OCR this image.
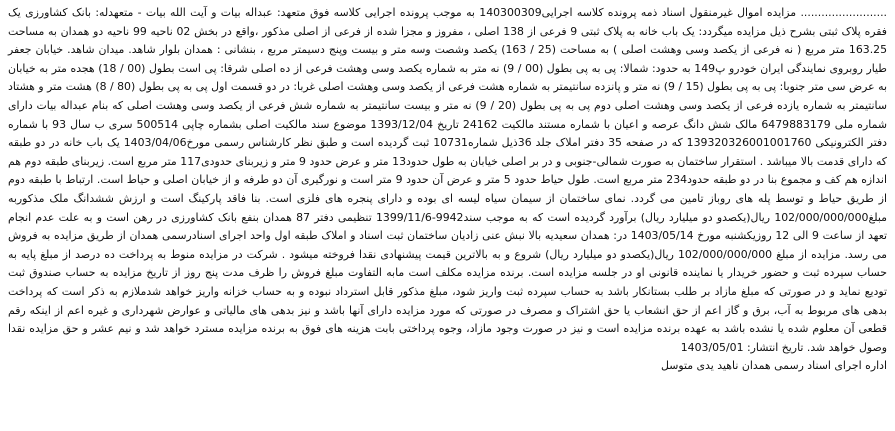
......................... مزایده اموال غیرمنقول اسناد ذمه پرونده کلاسه اجرایی140300309 به موجب پرونده اجرایی کلاسه فوق متعهد: عبداله بیات و آیت الله بیات - متعهدله: بانک کشاورزی یک فقره پلاک ثبتی بشرح ذیل مزایده میگردد: یک باب خانه به پلاک ثبتی 9 فرعی از 138 اصلی ، مفروز و مجزا شده از فرعی از اصلی مذکور ،واقع در بخش 02 ناحیه 99 ناحیه دو همدان به مساحت 163.25 متر مربع ( نه فرعی از یکصد وسی وهشت اصلی ) به مساحت (25 / 163) یکصد وشصت وسه متر و بیست وپنج دسیمتر مربع ، بنشانی : همدان بلوار شاهد. میدان شاهد. خیابان جعفر طیار روبروی نمایندگی ایران خودرو پ149 به حدود: شمالا: پی به پی بطول (00 / 9) نه متر به شماره یکصد وسی وهشت فرعی از ده اصلی شرقا: پی است بطول (00 / 18) هجده متر به خیابان به عرض سی متر جنوبا: پی به پی بطول (15 / 9) نه متر و پانزده سانتیمتر به شماره هشت فرعی از یکصد وسی وهشت اصلی غربا: در دو قسمت اول پی به پی بطول (80 / 8) هشت متر و هشتاد سانتیمتر به شماره یازده فرعی از یکصد وسی وهشت اصلی دوم پی به پی بطول (20 / 9) نه متر و بیست سانتیمتر به شماره شش فرعی از یکصد وسی وهشت اصلی که بنام عبداله بیات دارای شماره ملی 6479883179 مالک شش دانگ عرصه و اعیان با شماره مستند مالکیت 24162 تاریخ 1393/12/04 موضوع سند مالکیت اصلی بشماره چاپی 500514 سری ب سال 93 با شماره دفتر الکترونیکی 139320326001001760 که در صفحه 35 دفتر املاک جلد 36ذیل شماره10731 ثبت گردیده است و طبق نظر کارشناس رسمی مورخ1403/04/06 یک باب خانه در دو طبقه که دارای قدمت بالا میباشد . استقرار ساختمان به صورت شمالی-جنوبی و در بر اصلی خیابان به طول حدود13 متر و عرض حدود 9 متر و زیربنای حدودی117 متر مربع است. زیربنای طبقه دوم هم اندازه هم کف و مجموع بنا در دو طبقه حدود234 متر مربع است. طول حیاط حدود 5 متر و عرض آن حدود 9 متر است و نورگیری آن دو طرفه و از خیابان اصلی و حیاط است. ارتباط با طبقه دوم از طریق حیاط و توسط پله های روباز تامین می گردد. نمای ساختمان از سیمان سیاه لیسه ای بوده و دارای پنجره های فلزی است. بنا فاقد پارکینگ است و ارزش ششدانگ ملک مذکوربه مبلغ102/000/000/000 ریال(یکصدو دو میلیارد ریال) برآورد گردیده است که به موجب سند9942-1399/11/6 تنظیمی دفتر 87 همدان بنفع بانک کشاورزی در رهن است و به علت عدم انجام تعهد از ساعت 9 الی 12 روزیکشنبه مورخ 1403/05/14 در: همدان سعیدیه بالا نبش عنی زادیان ساختمان ثبت اسناد و املاک طبقه اول واحد اجرای اسنادرسمی همدان از طریق مزایده به فروش می رسد. مزایده از مبلغ 102/000/000/000 ریال(یکصدو دو میلیارد ریال) شروع و به بالاترین قیمت پیشنهادی نقدا فروخته میشود . شرکت در مزایده منوط به پرداخت ده درصد از مبلغ پایه به حساب سپرده ثبت و حضور خریدار یا نماینده قانونی او در جلسه مزایده است. برنده مزایده مکلف است مابه التفاوت مبلغ فروش را ظرف مدت پنج روز از تاریخ مزایده به حساب صندوق ثبت تودیع نماید و در صورتی که مبلغ مازاد بر طلب بستانکار باشد به حساب سپرده ثبت واریز شود، مبلغ مذکور قابل استرداد نبوده و به حساب خزانه واریز خواهد شدملازم به ذکر است که پرداخت بدهی های مربوط به آب، برق و گاز اعم از حق انشعاب یا حق اشتراک و مصرف در صورتی که مورد مزایده دارای آنها باشد و نیز بدهی های مالیاتی و عوارض شهرداری و غیره اعم از اینکه رقم قطعی آن معلوم شده یا نشده باشد به عهده برنده مزایده است و نیز در صورت وجود مازاد، وجوه پرداختی بابت هزینه های فوق به برنده مزایده مسترد خواهد شد و نیم عشر و حق مزایده نقدا وصول خواهد شد. تاریخ انتشار: 1403/05/01

اداره اجرای اسناد رسمی همدان ناهید یدی متوسل
